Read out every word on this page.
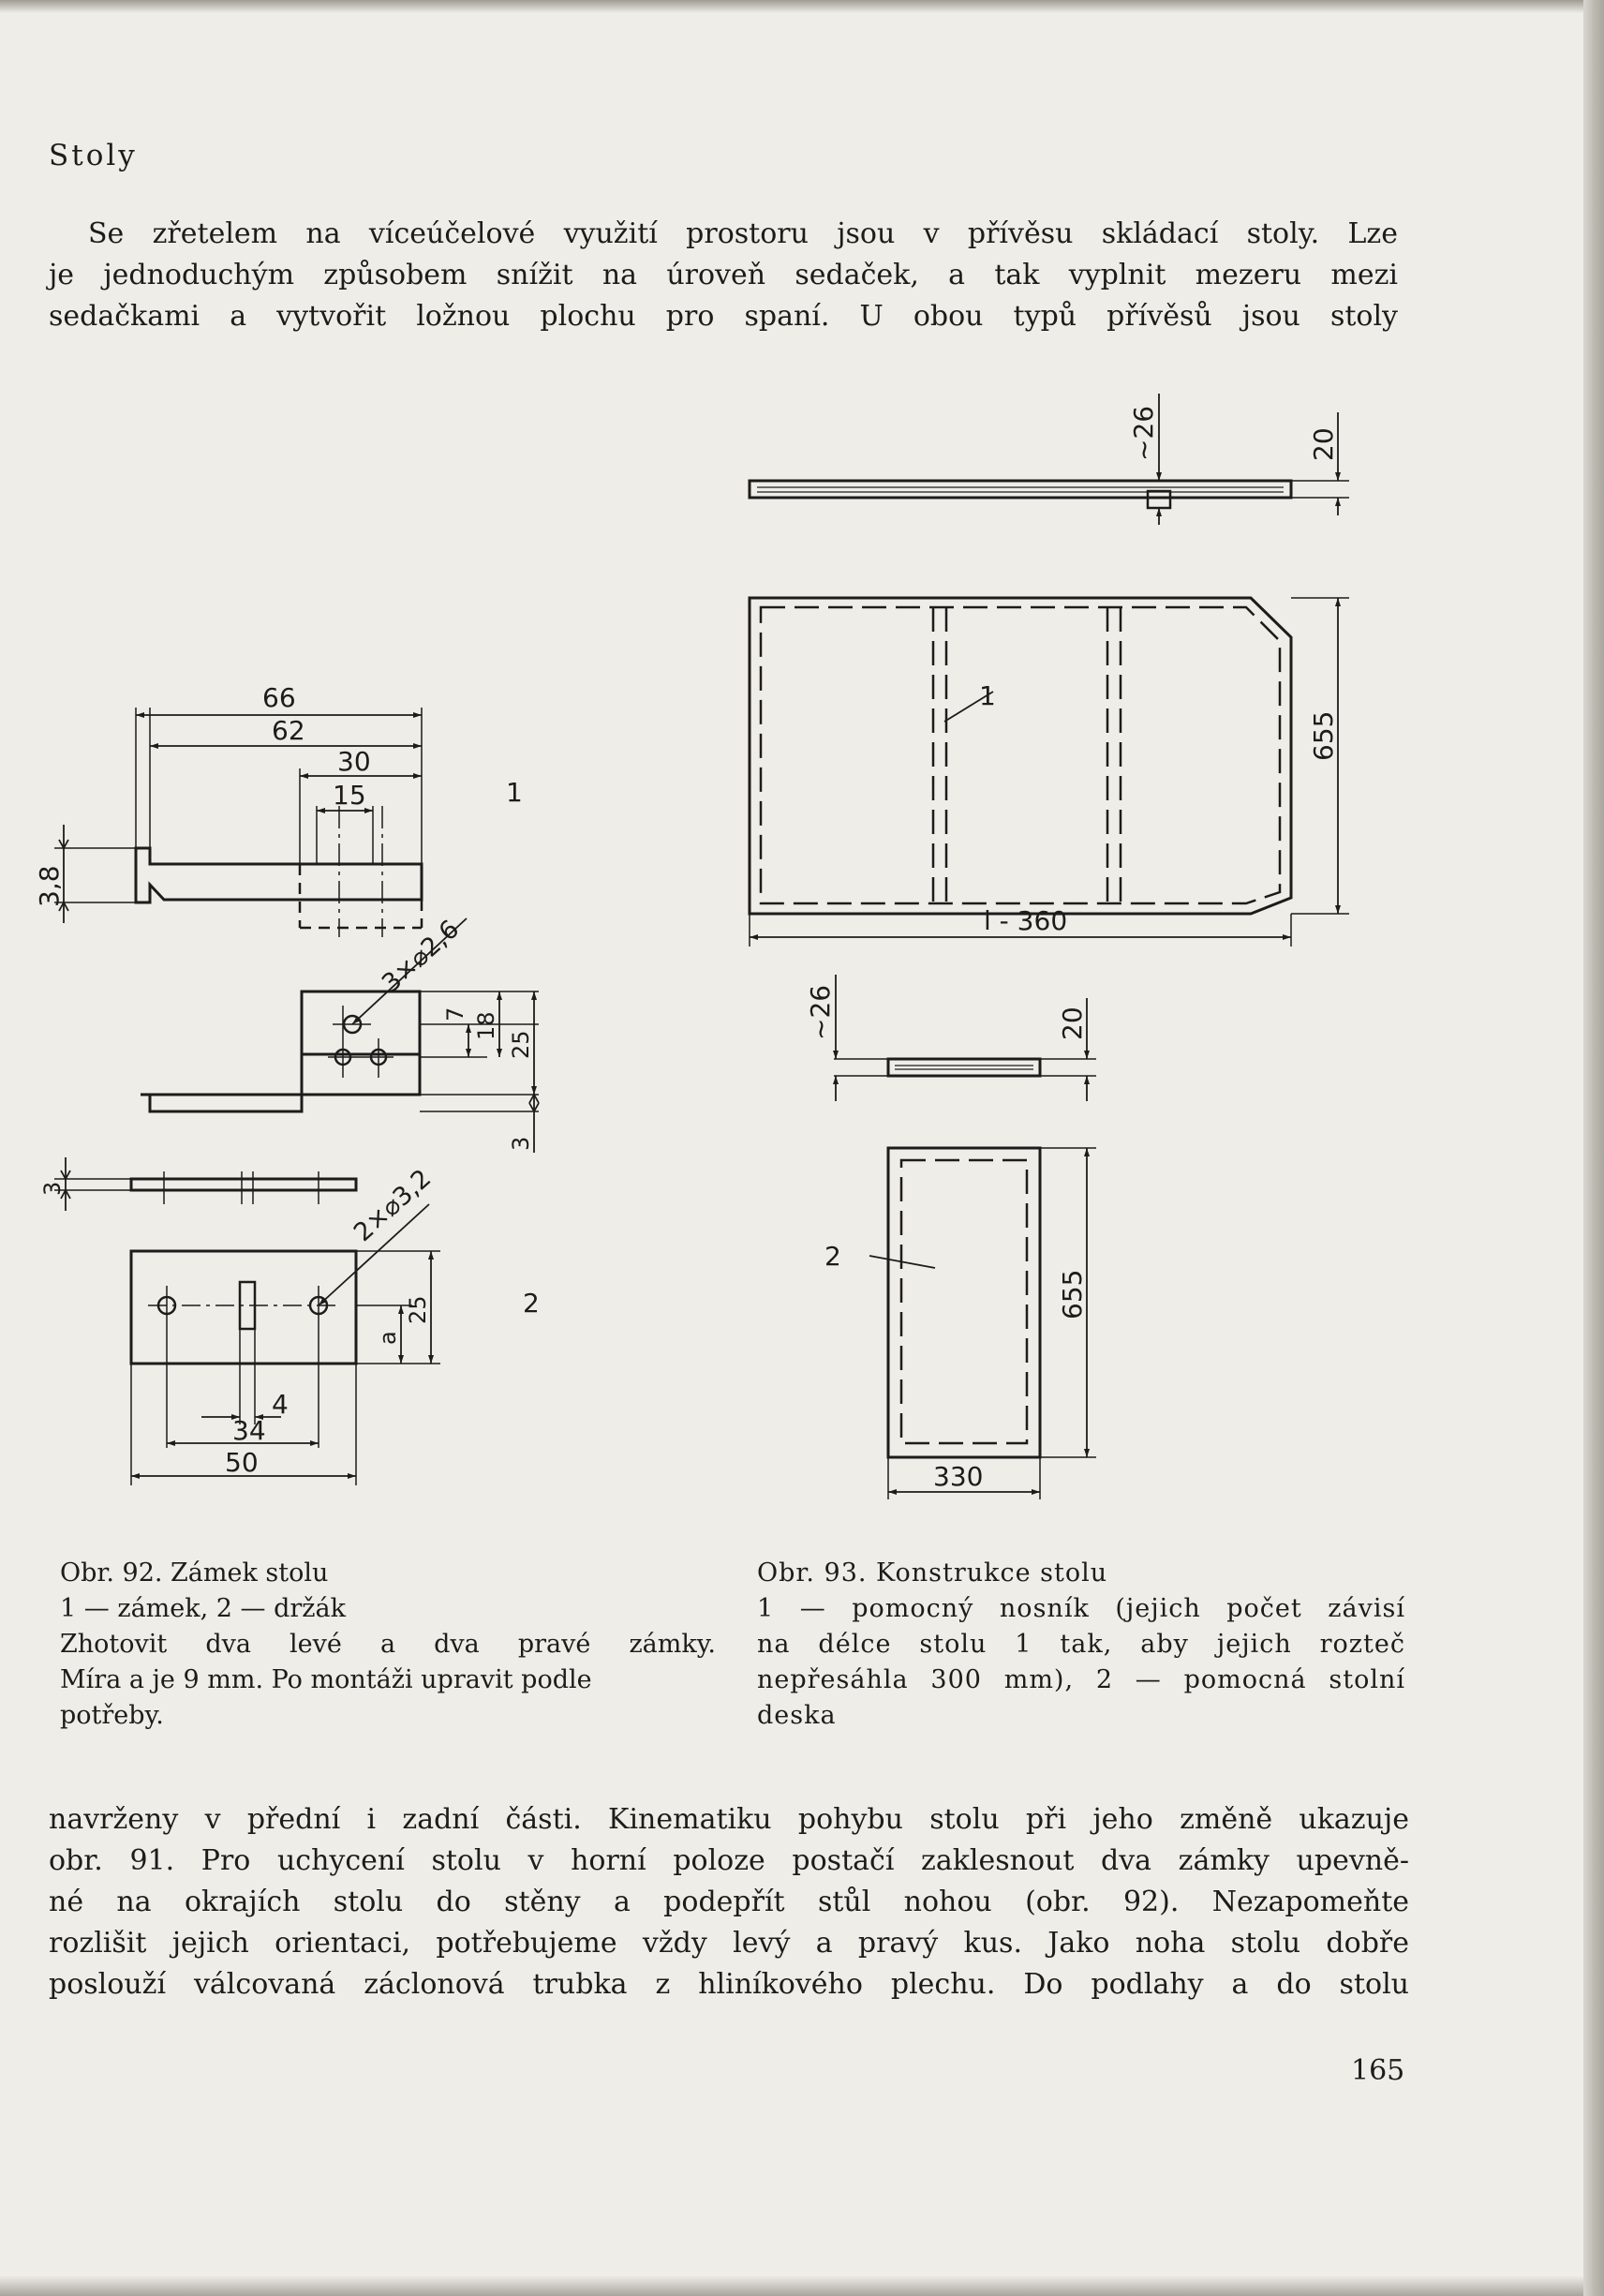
Stoly
Se zřetelem na víceúčelové využití prostoru jsou v přívěsu skládací stoly. Lze
je jednoduchým způsobem snížit na úroveň sedaček, a tak vyplnit mezeru mezi
sedačkami a vytvořit ložnou plochu pro spaní. U obou typů přívěsů jsou stoly
66
62
30
15	1
3,8
3×⌀2,6
7 18
25
3
3	2×⌀3,2
a
25	2
4
34
50
~26	20
655
1
l - 360
~26	20
2
655
330
Obr. 92. Zámek stolu
1 — zámek, 2 — držák
Zhotovit dva levé a dva pravé zámky.
Míra a je 9 mm. Po montáži upravit podle
potřeby.
Obr. 93. Konstrukce stolu
1 — pomocný nosník (jejich počet závisí
na délce stolu 1 tak, aby jejich rozteč
nepřesáhla 300 mm), 2 — pomocná stolní
deska
navrženy v přední i zadní části. Kinematiku pohybu stolu při jeho změně ukazuje
obr. 91. Pro uchycení stolu v horní poloze postačí zaklesnout dva zámky upevně-
né na okrajích stolu do stěny a podepřít stůl nohou (obr. 92). Nezapomeňte
rozlišit jejich orientaci, potřebujeme vždy levý a pravý kus. Jako noha stolu dobře
poslouží válcovaná záclonová trubka z hliníkového plechu. Do podlahy a do stolu
165
